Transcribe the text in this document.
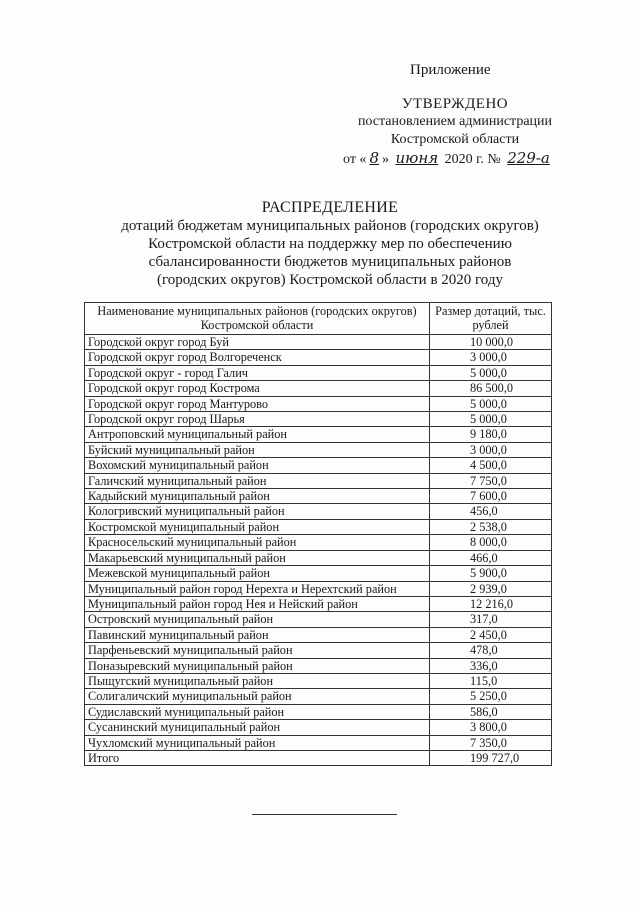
Приложение
УТВЕРЖДЕНО
постановлением администрации
Костромской области
от « 8 » июня 2020 г. № 229-а
РАСПРЕДЕЛЕНИЕ
дотаций бюджетам муниципальных районов (городских округов)
Костромской области на поддержку мер по обеспечению
сбалансированности бюджетов муниципальных районов
(городских округов) Костромской области в 2020 году
Наименование муниципальных районов (городских округов) Костромской области	Размер дотаций, тыс. рублей
Городской округ город Буй	10 000,0
Городской округ город Волгореченск	3 000,0
Городской округ - город Галич	5 000,0
Городской округ город Кострома	86 500,0
Городской округ город Мантурово	5 000,0
Городской округ город Шарья	5 000,0
Антроповский муниципальный район	9 180,0
Буйский муниципальный район	3 000,0
Вохомский муниципальный район	4 500,0
Галичский муниципальный район	7 750,0
Кадыйский муниципальный район	7 600,0
Кологривский муниципальный район	456,0
Костромской муниципальный район	2 538,0
Красносельский муниципальный район	8 000,0
Макарьевский муниципальный район	466,0
Межевской муниципальный район	5 900,0
Муниципальный район город Нерехта и Нерехтский район	2 939,0
Муниципальный район город Нея и Нейский район	12 216,0
Островский муниципальный район	317,0
Павинский муниципальный район	2 450,0
Парфеньевский муниципальный район	478,0
Поназыревский муниципальный район	336,0
Пыщугский муниципальный район	115,0
Солигаличский муниципальный район	5 250,0
Судиславский муниципальный район	586,0
Сусанинский муниципальный район	3 800,0
Чухломский муниципальный район	7 350,0
Итого	199 727,0
